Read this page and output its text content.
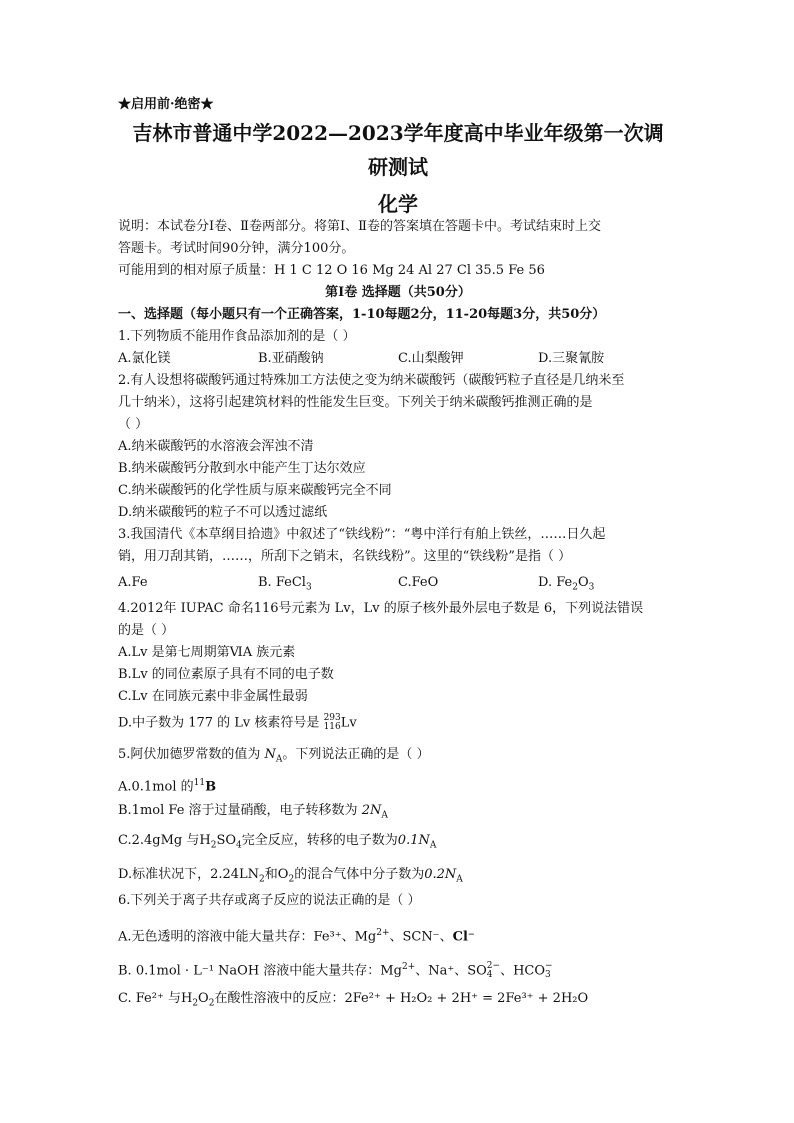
★启用前·绝密★
吉林市普通中学2022—2023学年度高中毕业年级第一次调
研测试
化学
说明：本试卷分Ⅰ卷、Ⅱ卷两部分。将第Ⅰ、Ⅱ卷的答案填在答题卡中。考试结束时上交
答题卡。考试时间90分钟，满分100分。
可能用到的相对原子质量：H 1 C 12 O 16 Mg 24 Al 27 Cl 35.5 Fe 56
第Ⅰ卷 选择题（共50分）
一、选择题（每小题只有一个正确答案，1-10每题2分，11-20每题3分，共50分）
1.下列物质不能用作食品添加剂的是（ ）
A.氯化镁	B.亚硝酸钠	C.山梨酸钾	D.三聚氰胺
2.有人设想将碳酸钙通过特殊加工方法使之变为纳米碳酸钙（碳酸钙粒子直径是几纳米至
几十纳米），这将引起建筑材料的性能发生巨变。下列关于纳米碳酸钙推测正确的是
（ ）
A.纳米碳酸钙的水溶液会浑浊不清
B.纳米碳酸钙分散到水中能产生丁达尔效应
C.纳米碳酸钙的化学性质与原来碳酸钙完全不同
D.纳米碳酸钙的粒子不可以透过滤纸
3.我国清代《本草纲目拾遗》中叙述了“铁线粉”：“粤中洋行有舶上铁丝，……日久起
销，用刀刮其销，……，所刮下之销末，名铁线粉”。这里的“铁线粉”是指（ ）
A.Fe	B. FeCl$_3$	C.FeO	D. $Fe_2O_3$
4.2012年 IUPAC 命名116号元素为 Lv，Lv 的原子核外最外层电子数是 6，下列说法错误
的是（ ）
A.Lv 是第七周期第ⅥA 族元素
B.Lv 的同位素原子具有不同的电子数
C.Lv 在同族元素中非金属性最弱
D.中子数为 177 的 Lv 核素符号是 293
116 Lv
5.阿伏加德罗常数的值为 $N_A$。下列说法正确的是（ ）
A.0.1mol 的$^{11}$B
B.1mol Fe 溶于过量硝酸，电子转移数为 $2N_A$
C.2.4gMg 与$H_2SO_4$完全反应，转移的电子数为$0.1N_A$
D.标准状况下，$2.24LN_2$和$O_2$的混合气体中分子数为$0.2N_A$
6.下列关于离子共存或离子反应的说法正确的是（ ）
A.无色透明的溶液中能大量共存：Fe³⁺、$Mg^{2+}$、SCN⁻、Cl⁻
B. 0.1mol · L⁻¹ NaOH 溶液中能大量共存：$Mg^{2+}$、Na⁺、SO 2−
4 、HCO −
3
C. Fe²⁺ 与$H_2O_2$在酸性溶液中的反应：2Fe²⁺ + H₂O₂ + 2H⁺ = 2Fe³⁺ + 2H₂O
